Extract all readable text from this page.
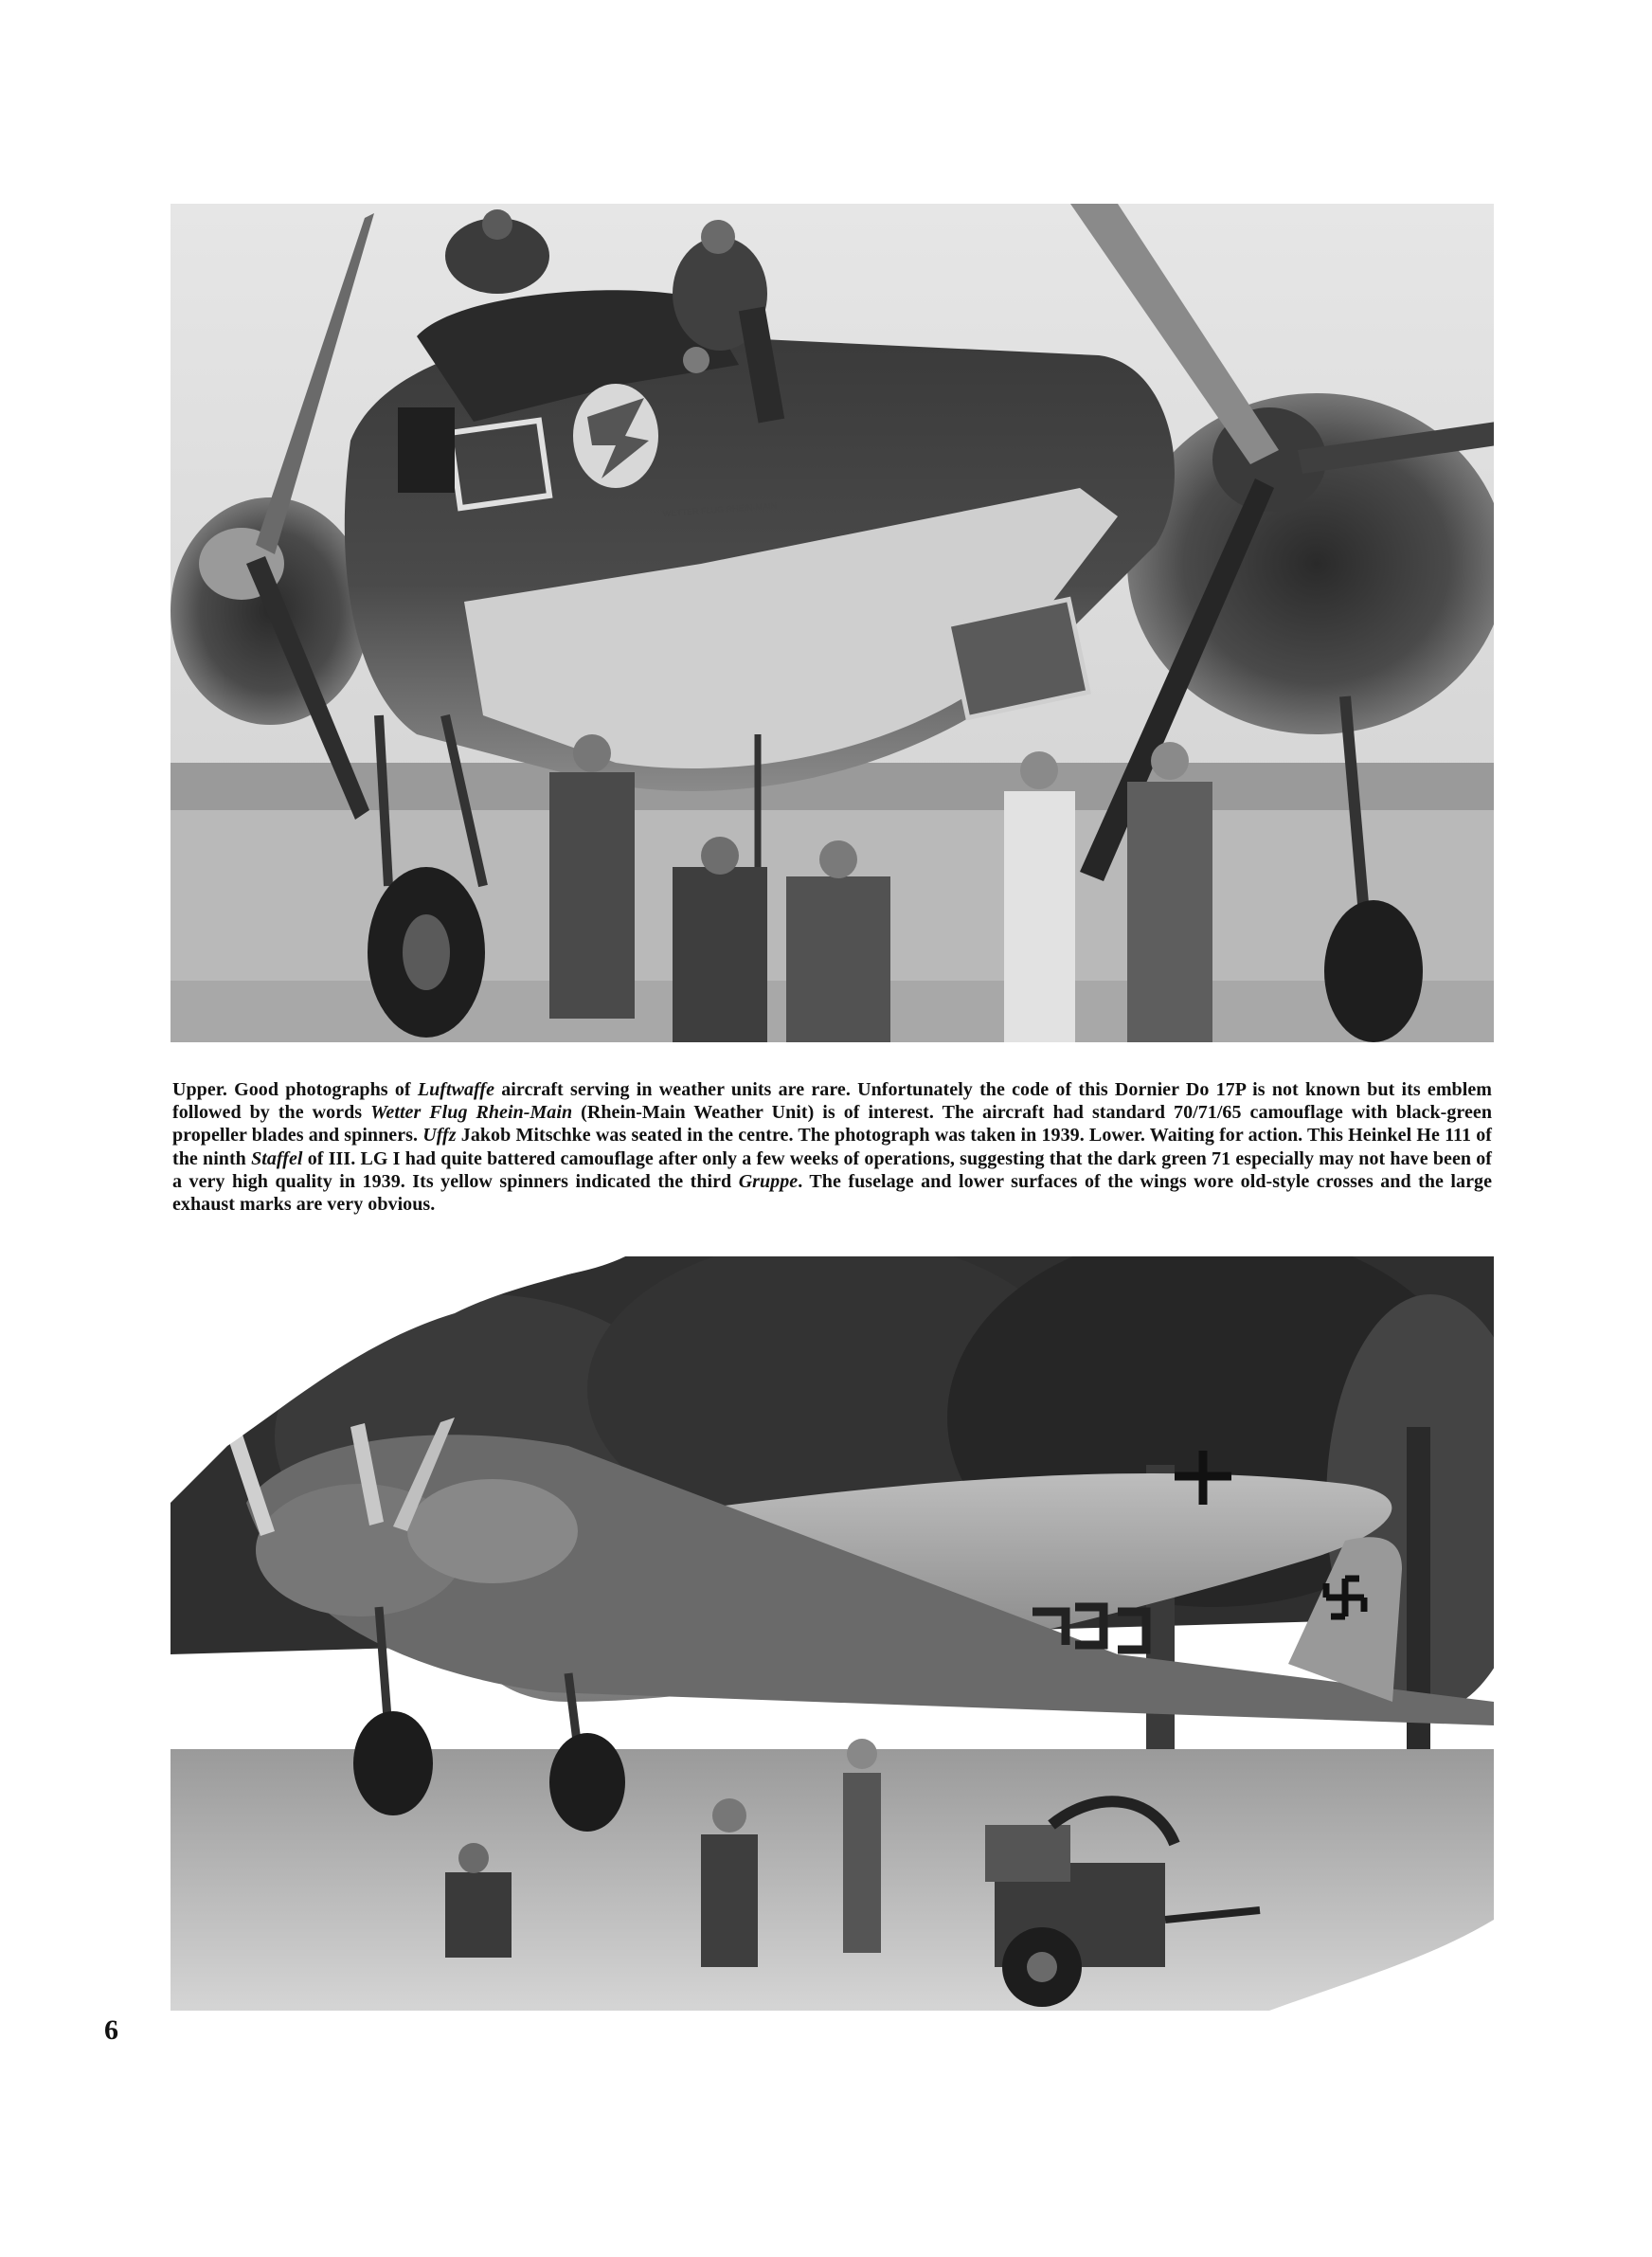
WETTER FLUG RHEIN-MAIN
Upper. Good photographs of Luftwaffe aircraft serving in weather units are rare. Unfortunately the code of this Dornier Do 17P is not known but its emblem followed by the words Wetter Flug Rhein-Main (Rhein-Main Weather Unit) is of interest. The aircraft had standard 70/71/65 camouflage with black-green propeller blades and spinners. Uffz Jakob Mitschke was seated in the centre. The photograph was taken in 1939. Lower. Waiting for action. This Heinkel He 111 of the ninth Staffel of III. LG I had quite battered camouflage after only a few weeks of operations, suggesting that the dark green 71 especially may not have been of a very high quality in 1939. Its yellow spinners indicated the third Gruppe. The fuselage and lower surfaces of the wings wore old-style crosses and the large exhaust marks are very obvious.
6
